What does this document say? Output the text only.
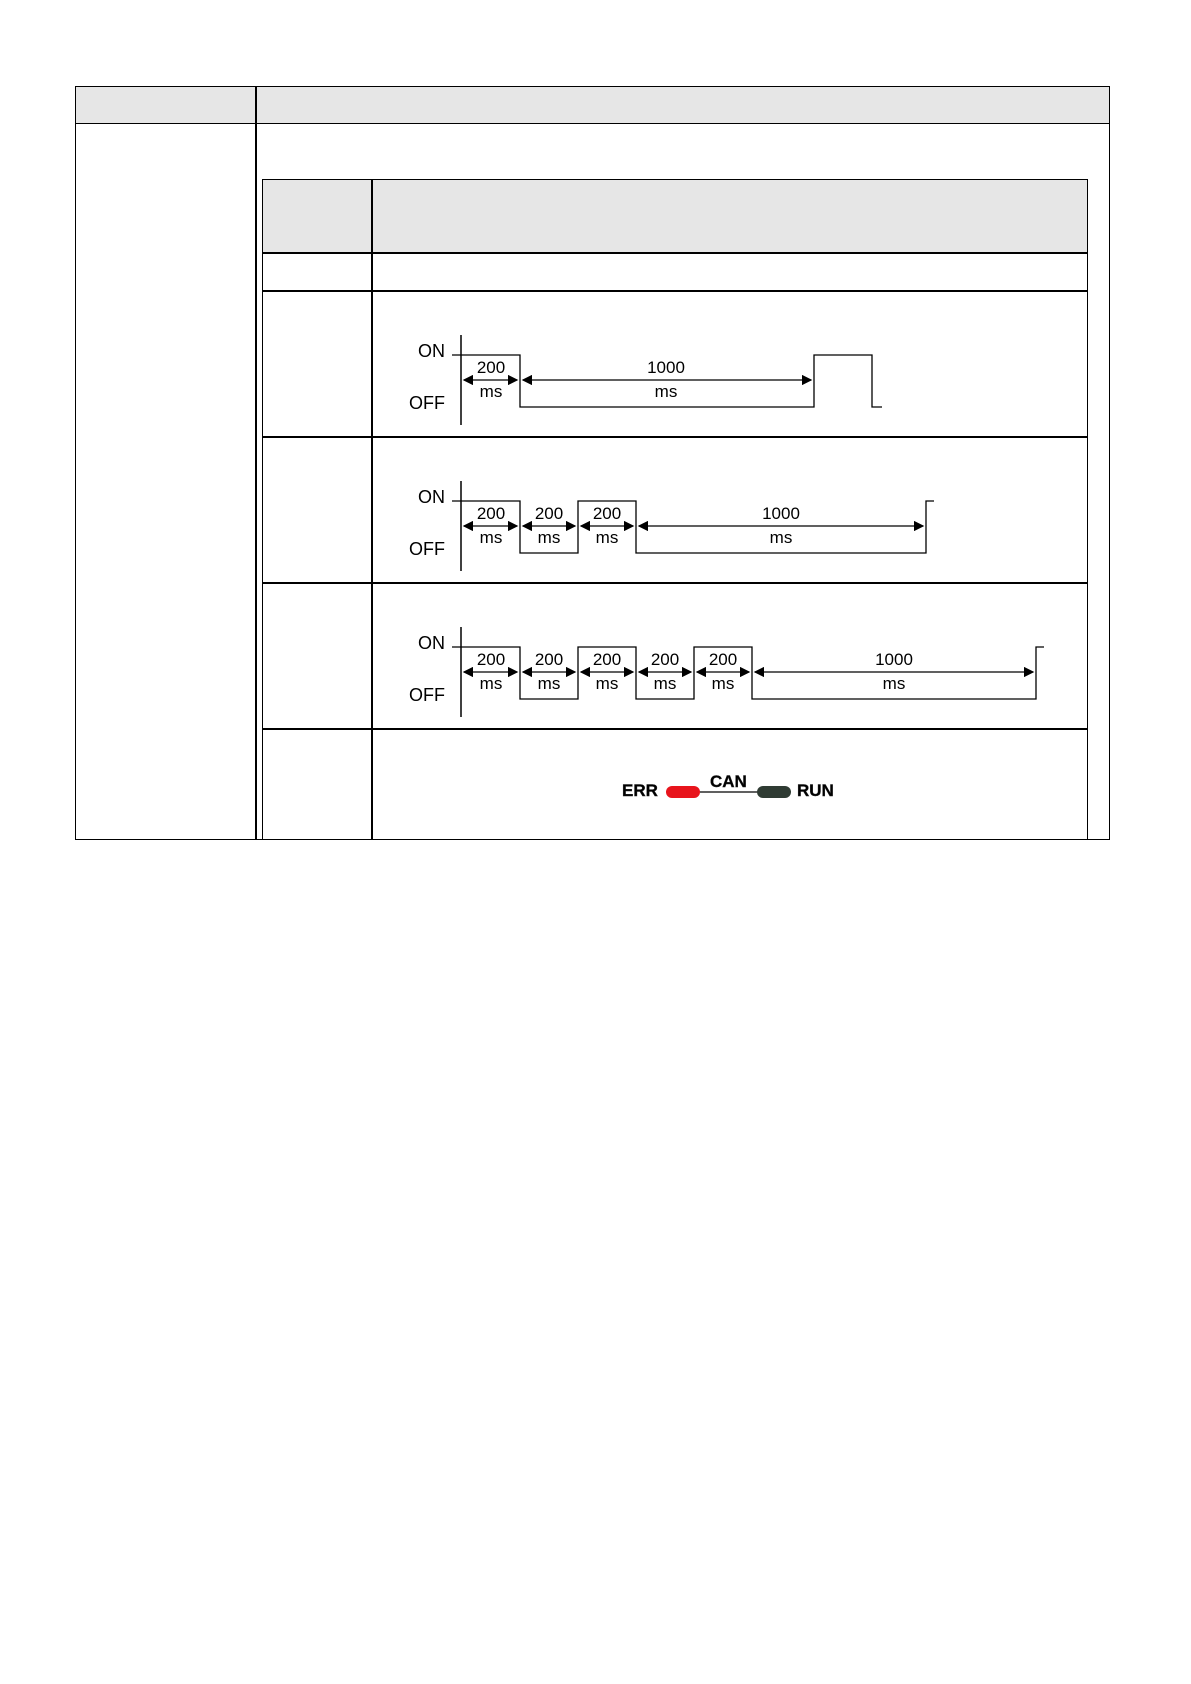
ON
OFF
200
ms
1000
ms
ON
OFF
200
ms
200
ms
200
ms
1000
ms
ON
OFF
200
ms
200
ms
200
ms
200
ms
200
ms
1000
ms
ERR	CAN	RUN
